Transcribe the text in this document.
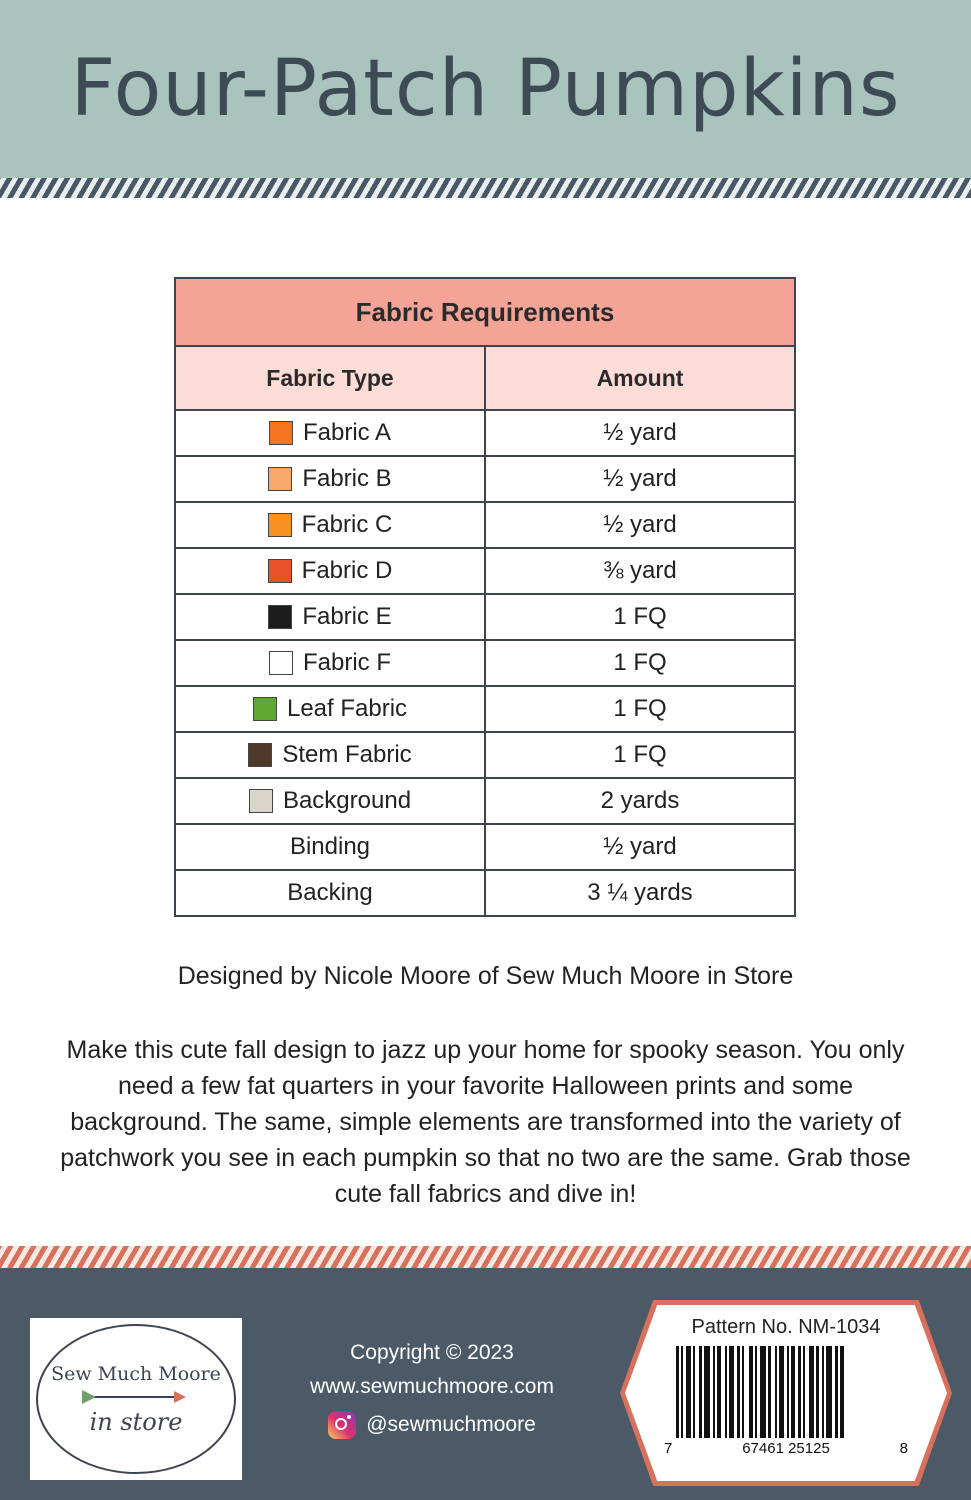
Four-Patch Pumpkins
Fabric Requirements	
Fabric Type	Amount

Fabric A	½ yard

Fabric B	½ yard

Fabric C	½ yard

Fabric D	⅜ yard

Fabric E	1 FQ

Fabric F	1 FQ

Leaf Fabric	1 FQ

Stem Fabric	1 FQ

Background	2 yards

Binding	½ yard

Backing	3 ¼ yards
Designed by Nicole Moore of Sew Much Moore in Store
Make this cute fall design to jazz up your home for spooky season. You only need a few fat quarters in your favorite Halloween prints and some background. The same, simple elements are transformed into the variety of patchwork you see in each pumpkin so that no two are the same. Grab those cute fall fabrics and dive in!
Sew Much Moore
in store
Copyright © 2023
www.sewmuchmoore.com
@sewmuchmoore
Pattern No. NM-1034
7	67461 25125	8
